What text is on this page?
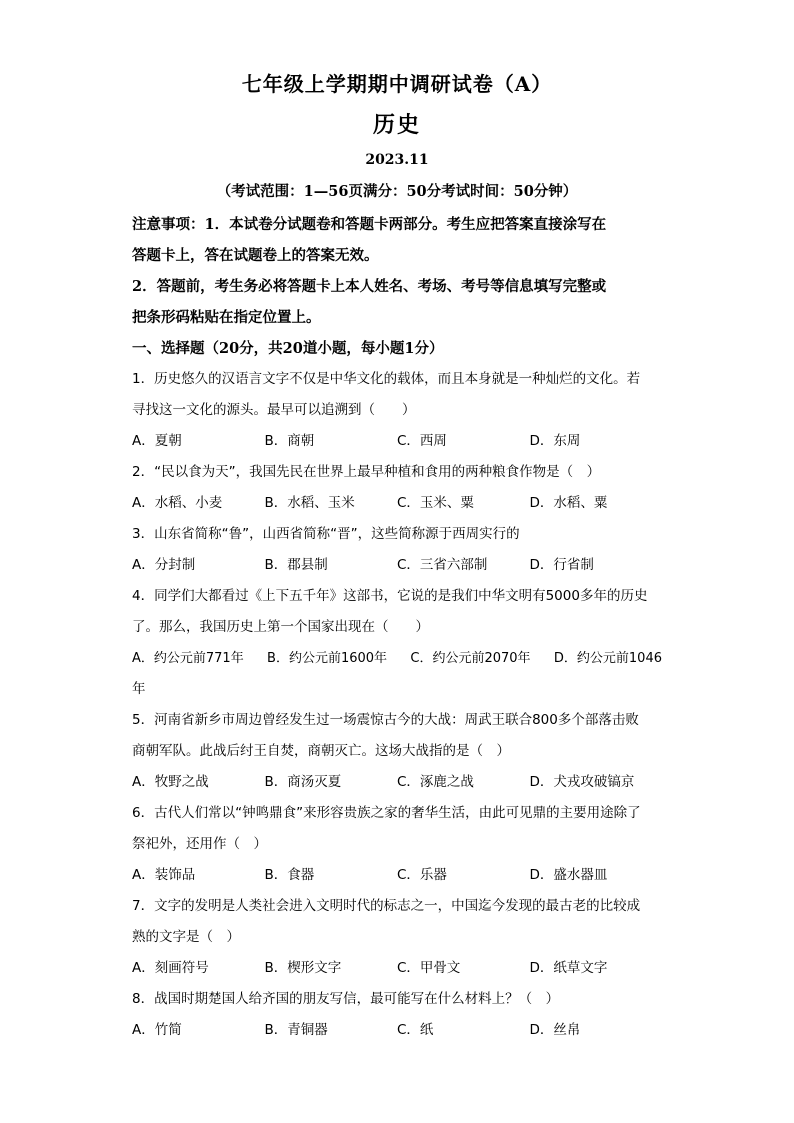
七年级上学期期中调研试卷（A）
历史
2023.11
（考试范围：1—56页满分：50分考试时间：50分钟）
注意事项：1．本试卷分试题卷和答题卡两部分。考生应把答案直接涂写在
答题卡上，答在试题卷上的答案无效。
2．答题前，考生务必将答题卡上本人姓名、考场、考号等信息填写完整或
把条形码粘贴在指定位置上。
一、选择题（20分，共20道小题，每小题1分）
1．历史悠久的汉语言文字不仅是中华文化的载体，而且本身就是一种灿烂的文化。若
寻找这一文化的源头。最早可以追溯到（　　）
A．夏朝	B．商朝	C．西周	D．东周
2．“民以食为天”，我国先民在世界上最早种植和食用的两种粮食作物是（　）
A．水稻、小麦	B．水稻、玉米	C．玉米、粟	D．水稻、粟
3．山东省简称“鲁”，山西省简称“晋”，这些简称源于西周实行的
A．分封制	B．郡县制	C．三省六部制	D．行省制
4．同学们大都看过《上下五千年》这部书，它说的是我们中华文明有5000多年的历史
了。那么，我国历史上第一个国家出现在（　　）
A．约公元前771年 B．约公元前1600年 C．约公元前2070年 D．约公元前1046
年
5．河南省新乡市周边曾经发生过一场震惊古今的大战：周武王联合800多个部落击败
商朝军队。此战后纣王自焚，商朝灭亡。这场大战指的是（　）
A．牧野之战	B．商汤灭夏	C．涿鹿之战	D．犬戎攻破镐京
6．古代人们常以“钟鸣鼎食”来形容贵族之家的奢华生活，由此可见鼎的主要用途除了
祭祀外，还用作（　）
A．装饰品	B．食器	C．乐器	D．盛水器皿
7．文字的发明是人类社会进入文明时代的标志之一，中国迄今发现的最古老的比较成
熟的文字是（　）
A．刻画符号	B．楔形文字	C．甲骨文	D．纸草文字
8．战国时期楚国人给齐国的朋友写信，最可能写在什么材料上？（　）
A．竹简	B．青铜器	C．纸	D．丝帛
